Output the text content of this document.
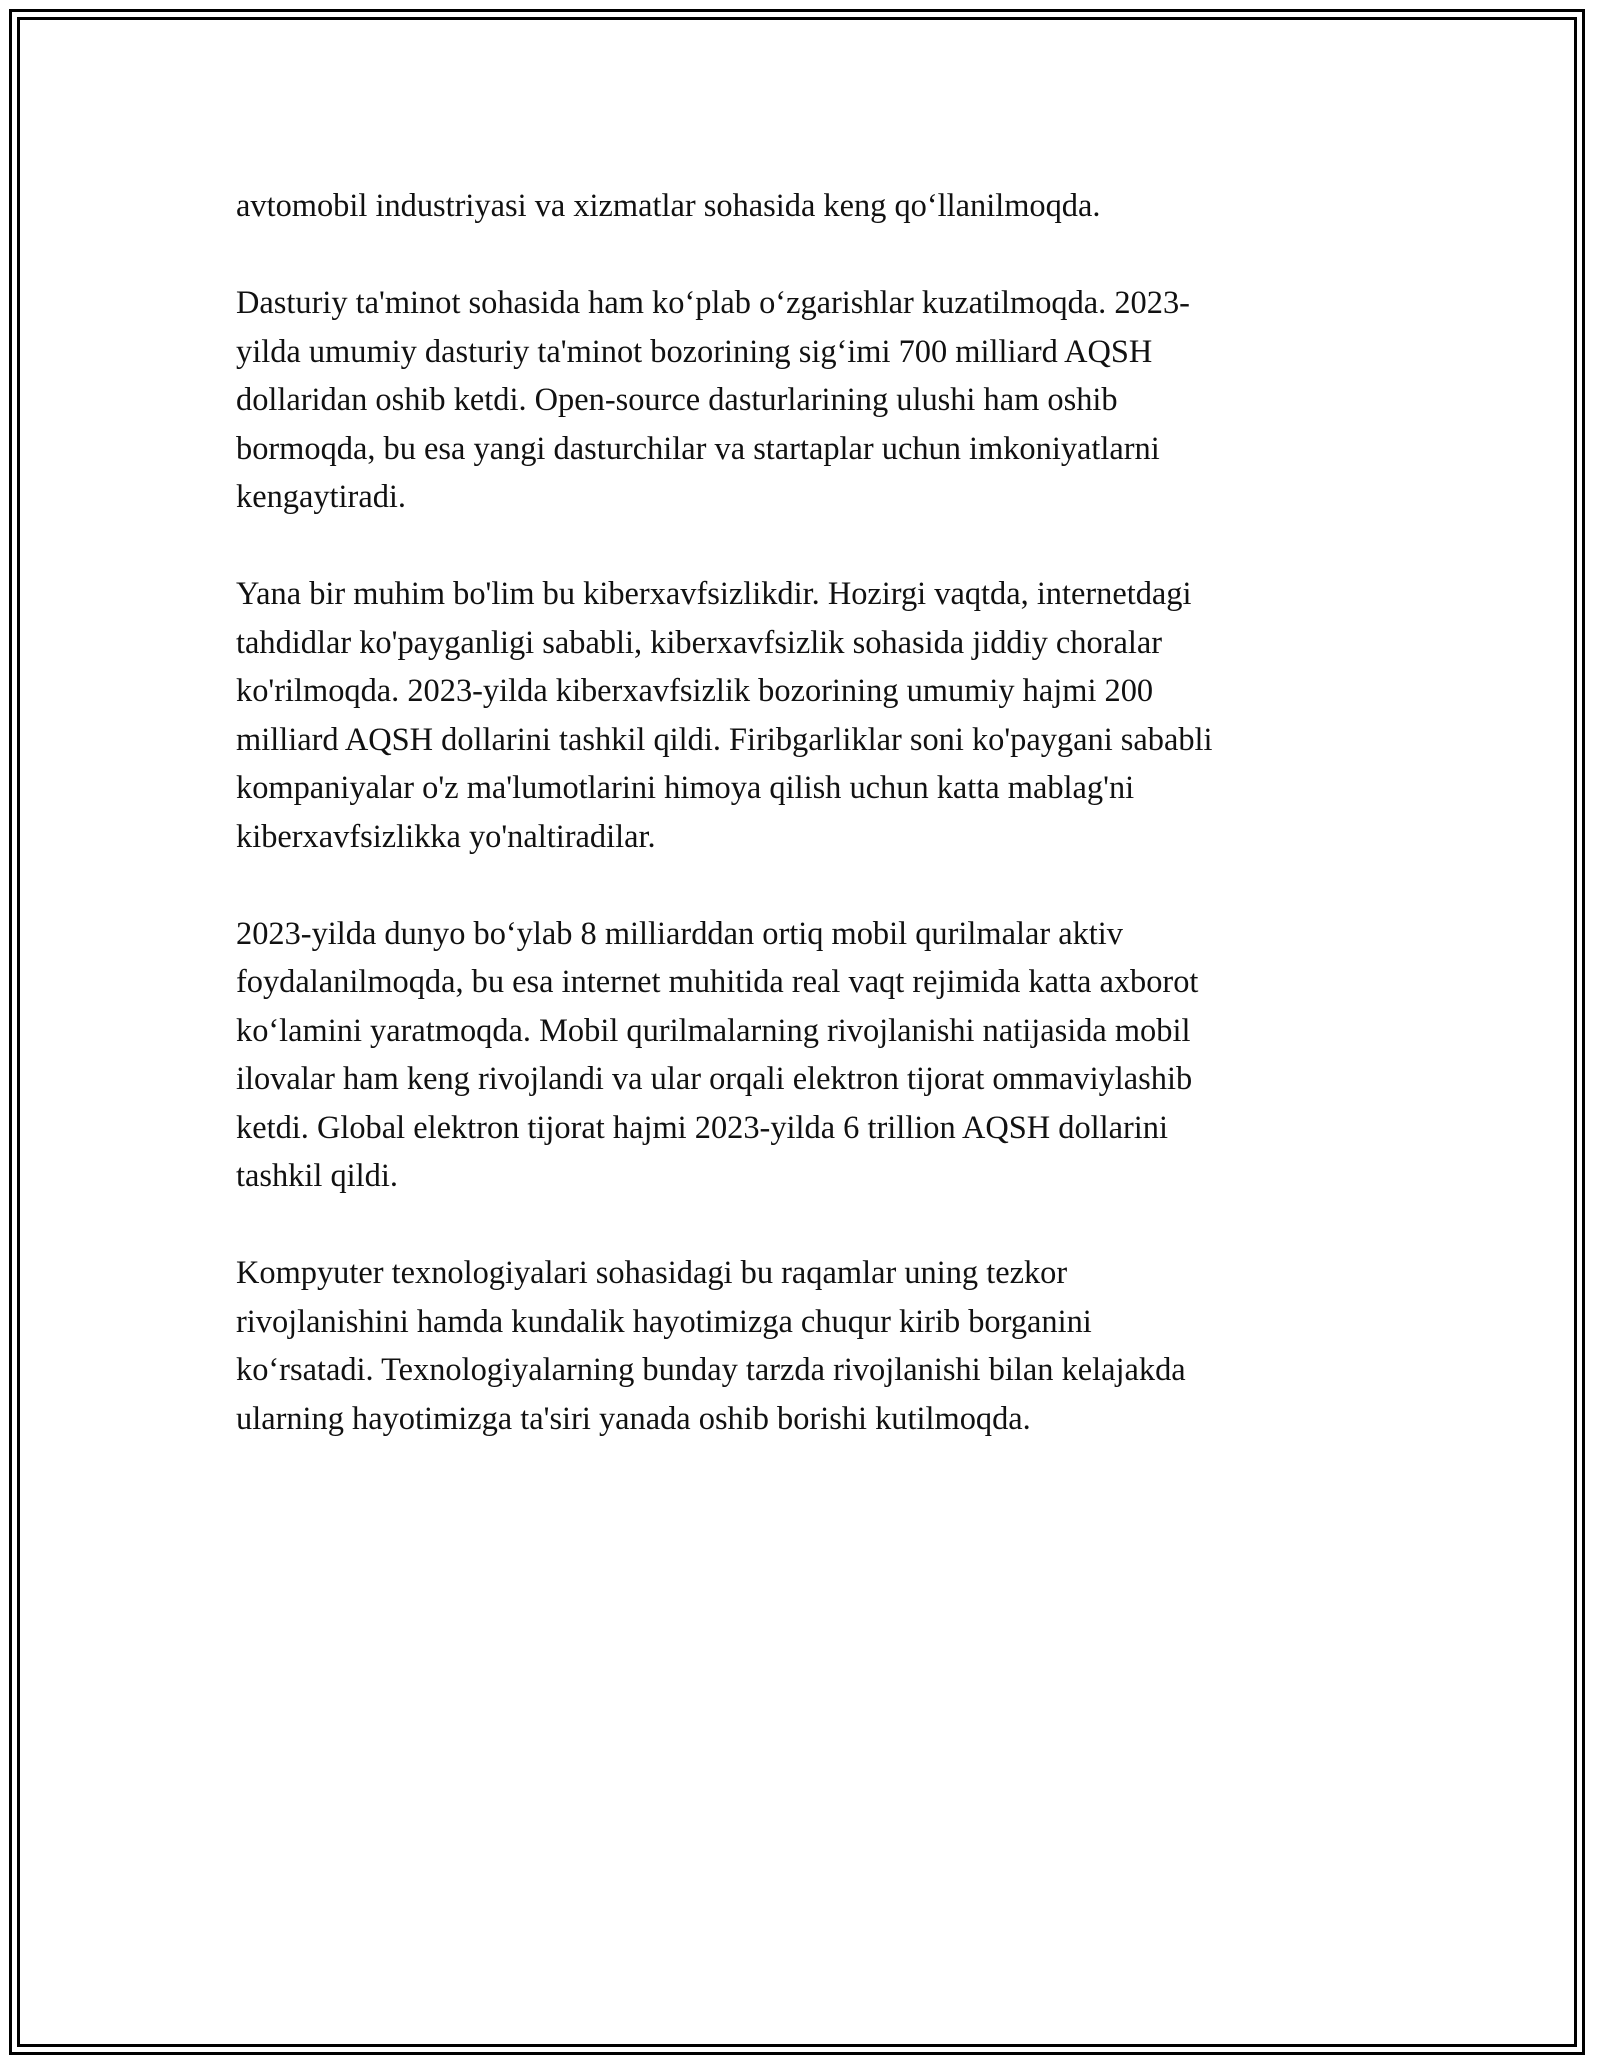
avtomobil industriyasi va xizmatlar sohasida keng qo‘llanilmoqda.

Dasturiy ta'minot sohasida ham ko‘plab o‘zgarishlar kuzatilmoqda. 2023-
yilda umumiy dasturiy ta'minot bozorining sig‘imi 700 milliard AQSH
dollaridan oshib ketdi. Open-source dasturlarining ulushi ham oshib
bormoqda, bu esa yangi dasturchilar va startaplar uchun imkoniyatlarni
kengaytiradi.

Yana bir muhim bo'lim bu kiberxavfsizlikdir. Hozirgi vaqtda, internetdagi
tahdidlar ko'payganligi sababli, kiberxavfsizlik sohasida jiddiy choralar
ko'rilmoqda. 2023-yilda kiberxavfsizlik bozorining umumiy hajmi 200
milliard AQSH dollarini tashkil qildi. Firibgarliklar soni ko'paygani sababli
kompaniyalar o'z ma'lumotlarini himoya qilish uchun katta mablag'ni
kiberxavfsizlikka yo'naltiradilar.

2023-yilda dunyo bo‘ylab 8 milliarddan ortiq mobil qurilmalar aktiv
foydalanilmoqda, bu esa internet muhitida real vaqt rejimida katta axborot
ko‘lamini yaratmoqda. Mobil qurilmalarning rivojlanishi natijasida mobil
ilovalar ham keng rivojlandi va ular orqali elektron tijorat ommaviylashib
ketdi. Global elektron tijorat hajmi 2023-yilda 6 trillion AQSH dollarini
tashkil qildi.

Kompyuter texnologiyalari sohasidagi bu raqamlar uning tezkor
rivojlanishini hamda kundalik hayotimizga chuqur kirib borganini
ko‘rsatadi. Texnologiyalarning bunday tarzda rivojlanishi bilan kelajakda
ularning hayotimizga ta'siri yanada oshib borishi kutilmoqda.
